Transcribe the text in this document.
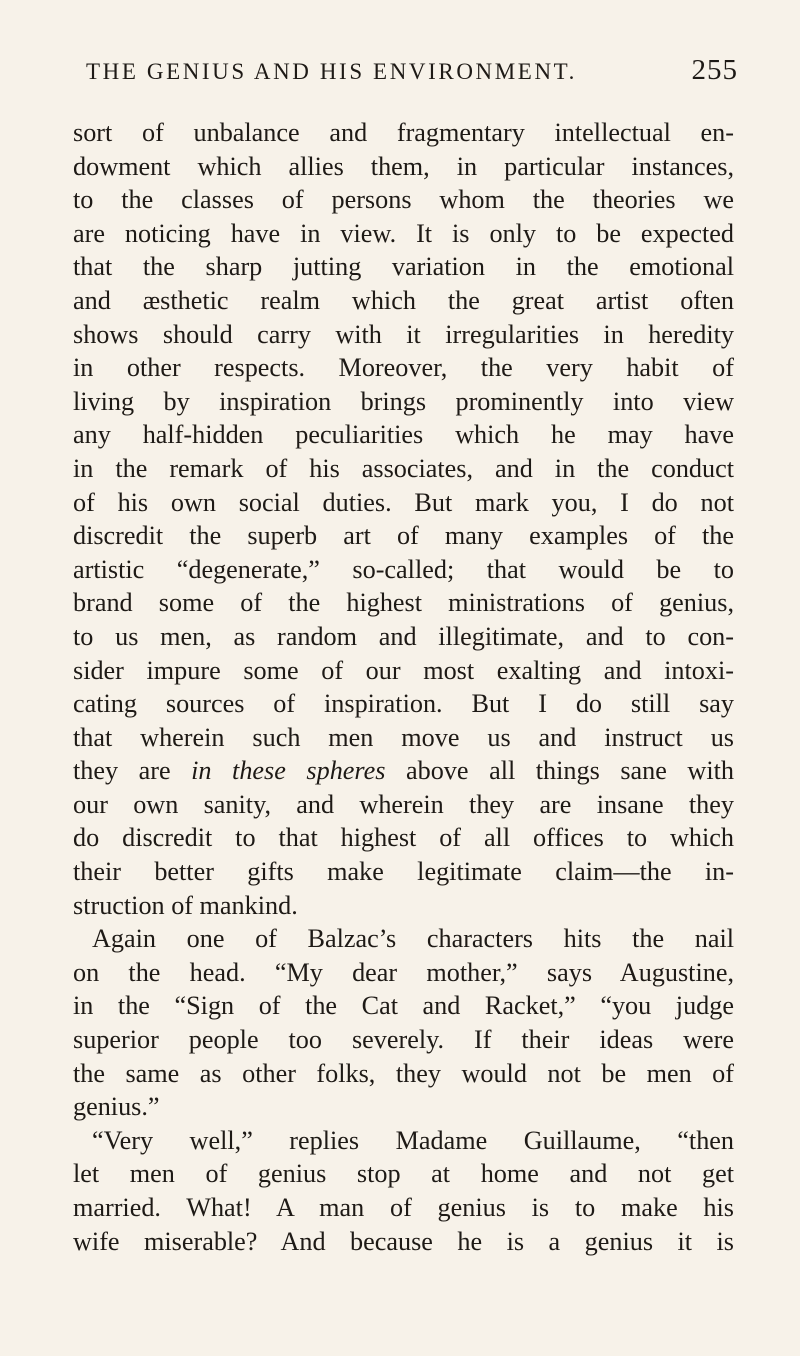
THE GENIUS AND HIS ENVIRONMENT.	255
sort of unbalance and fragmentary intellectual en-
dowment which allies them, in particular instances,
to the classes of persons whom the theories we
are noticing have in view. It is only to be expected
that the sharp jutting variation in the emotional
and æsthetic realm which the great artist often
shows should carry with it irregularities in heredity
in other respects. Moreover, the very habit of
living by inspiration brings prominently into view
any half-hidden peculiarities which he may have
in the remark of his associates, and in the conduct
of his own social duties. But mark you, I do not
discredit the superb art of many examples of the
artistic “degenerate,” so-called; that would be to
brand some of the highest ministrations of genius,
to us men, as random and illegitimate, and to con-
sider impure some of our most exalting and intoxi-
cating sources of inspiration. But I do still say
that wherein such men move us and instruct us
they are in these spheres above all things sane with
our own sanity, and wherein they are insane they
do discredit to that highest of all offices to which
their better gifts make legitimate claim—the in-
struction of mankind.
Again one of Balzac’s characters hits the nail
on the head. “My dear mother,” says Augustine,
in the “Sign of the Cat and Racket,” “you judge
superior people too severely. If their ideas were
the same as other folks, they would not be men of
genius.”
“Very well,” replies Madame Guillaume, “then
let men of genius stop at home and not get
married. What! A man of genius is to make his
wife miserable? And because he is a genius it is
